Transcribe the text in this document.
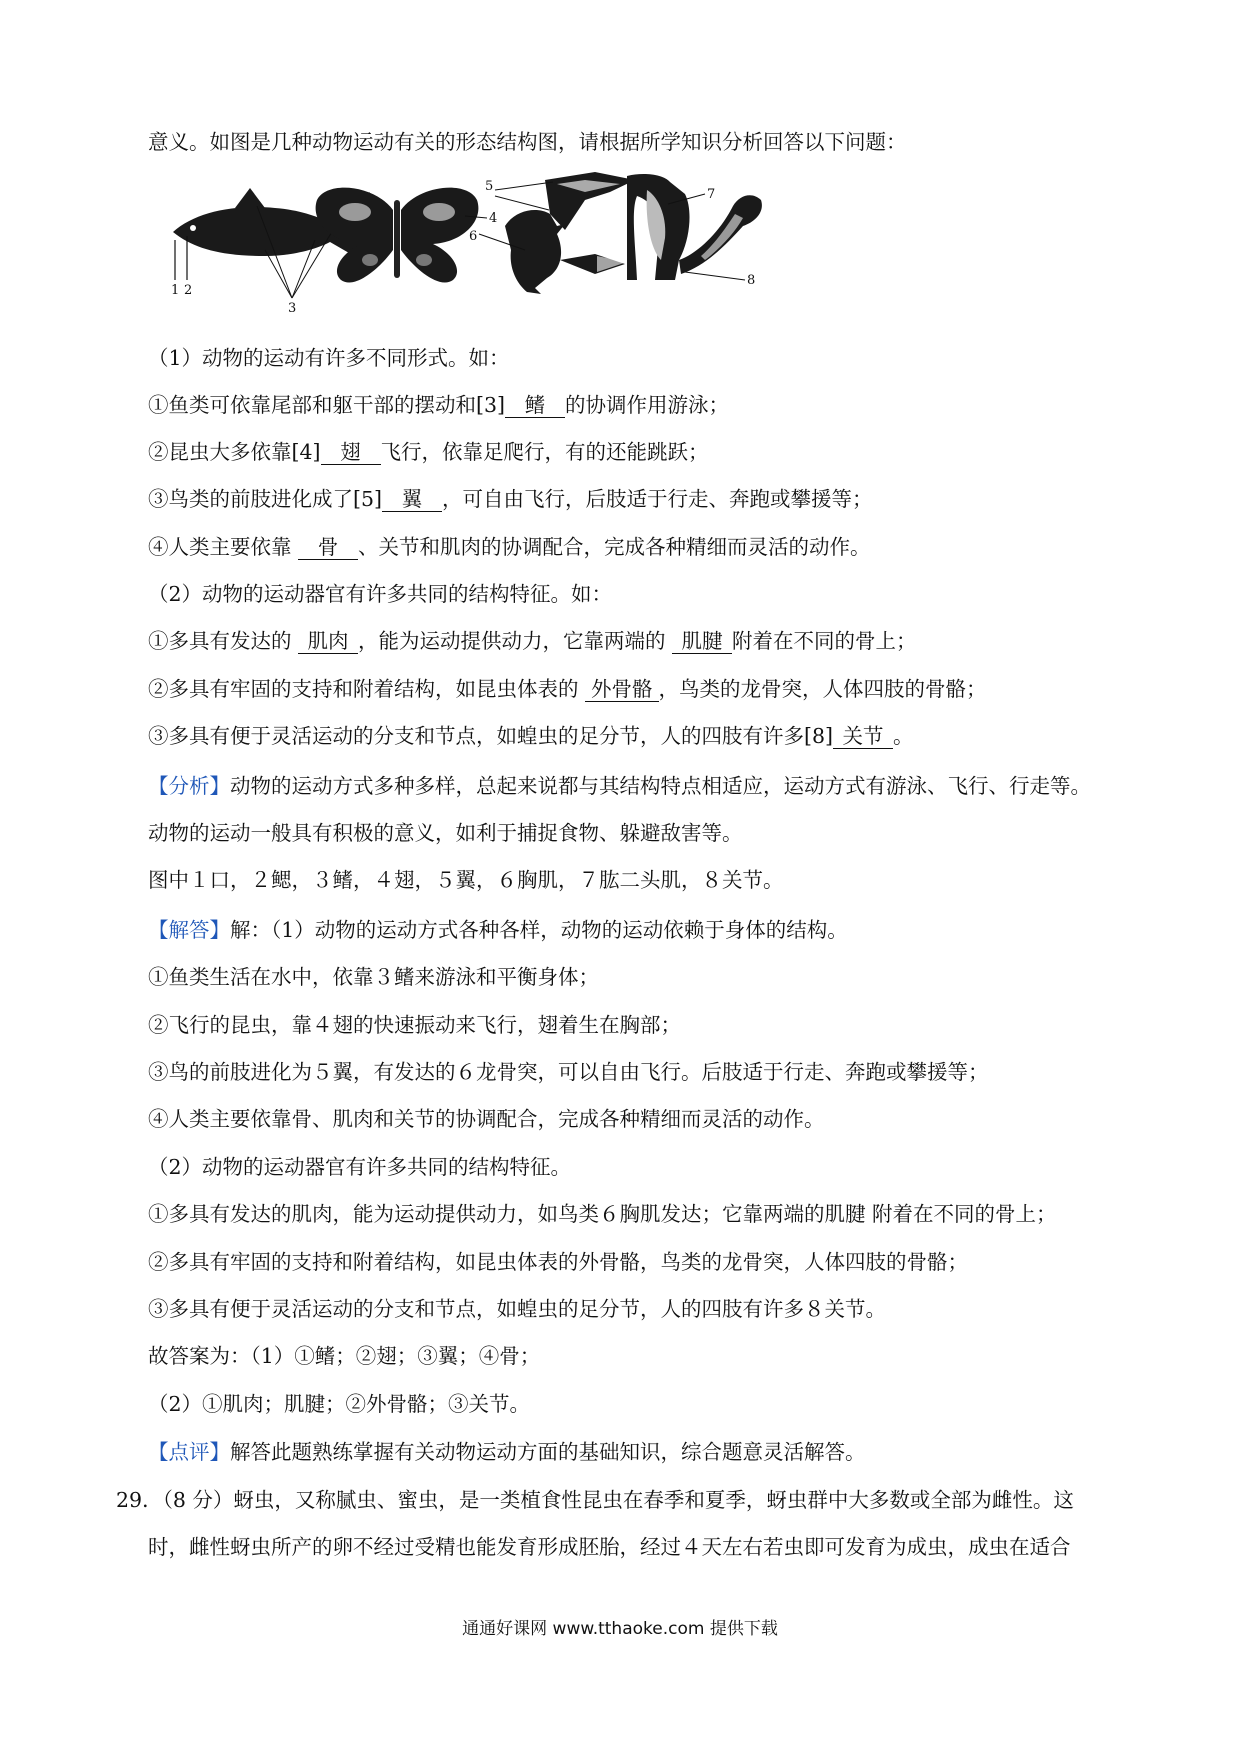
意义。如图是几种动物运动有关的形态结构图，请根据所学知识分析回答以下问题：
1 2
3
4
5
6
7
8
（1）动物的运动有许多不同形式。如：
①鱼类可依靠尾部和躯干部的摆动和[3] 鳍 的协调作用游泳；
②昆虫大多依靠[4] 翅 飞行，依靠足爬行，有的还能跳跃；
③鸟类的前肢进化成了[5] 翼 ，可自由飞行，后肢适于行走、奔跑或攀援等；
④人类主要依靠 骨 、关节和肌肉的协调配合，完成各种精细而灵活的动作。
（2）动物的运动器官有许多共同的结构特征。如：
①多具有发达的 肌肉 ，能为运动提供动力，它靠两端的 肌腱 附着在不同的骨上；
②多具有牢固的支持和附着结构，如昆虫体表的 外骨骼 ，鸟类的龙骨突，人体四肢的骨骼；
③多具有便于灵活运动的分支和节点，如蝗虫的足分节，人的四肢有许多[8] 关节 。
【分析】动物的运动方式多种多样，总起来说都与其结构特点相适应，运动方式有游泳、飞行、行走等。
动物的运动一般具有积极的意义，如利于捕捉食物、躲避敌害等。
图中１口，２鳃，３鳍，４翅，５翼，６胸肌，７肱二头肌，８关节。
【解答】解：（1）动物的运动方式各种各样，动物的运动依赖于身体的结构。
①鱼类生活在水中，依靠３鳍来游泳和平衡身体；
②飞行的昆虫，靠４翅的快速振动来飞行，翅着生在胸部；
③鸟的前肢进化为５翼，有发达的６龙骨突，可以自由飞行。后肢适于行走、奔跑或攀援等；
④人类主要依靠骨、肌肉和关节的协调配合，完成各种精细而灵活的动作。
（2）动物的运动器官有许多共同的结构特征。
①多具有发达的肌肉，能为运动提供动力，如鸟类６胸肌发达；它靠两端的肌腱 附着在不同的骨上；
②多具有牢固的支持和附着结构，如昆虫体表的外骨骼，鸟类的龙骨突，人体四肢的骨骼；
③多具有便于灵活运动的分支和节点，如蝗虫的足分节，人的四肢有许多８关节。
故答案为：（1）①鳍；②翅；③翼；④骨；
（2）①肌肉；肌腱；②外骨骼；③关节。
【点评】解答此题熟练掌握有关动物运动方面的基础知识，综合题意灵活解答。
29．（8 分）蚜虫，又称腻虫、蜜虫，是一类植食性昆虫在春季和夏季，蚜虫群中大多数或全部为雌性。这
时，雌性蚜虫所产的卵不经过受精也能发育形成胚胎，经过４天左右若虫即可发育为成虫，成虫在适合
通通好课网 www.tthaoke.com 提供下载
